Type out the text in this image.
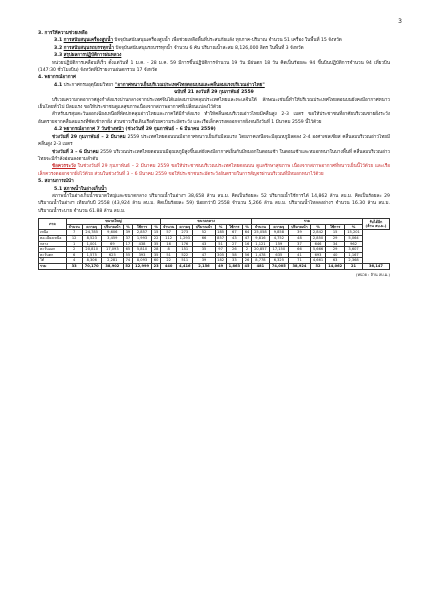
3

3. การให้ความช่วยเหลือ

3.1 การสนับสนุนเครื่องสูบน้ำ ปัจจุบันสนับสนุนเครื่องสูบน้ำ เพื่อช่วยเหลือพื้นที่ประสบภัยแล้ง ทุกภาค-ปริมาณ จำนวน 51 เครื่อง ในพื้นที่ 15 จังหวัด

3.2 การสนับสนุนรถบรรทุกน้ำ ปัจจุบันสนับสนุนรถบรรทุกน้ำ จำนวน 6 คัน ปริมาณน้ำสะสม 8,126,000 ลิตร ในพื้นที่ 3 จังหวัด

3.3 สรุปผลการปฏิบัติการฝนหลวง

หน่วยปฏิบัติการเคลื่อนที่เร็ว ตั้งแต่วันที่ 1 ม.ค. - 28 ม.ค. 59 มีการขึ้นปฏิบัติการจำนวน 19 วัน มีฝนตก 18 วัน คิดเป็นร้อยละ 94 ขึ้นบินปฏิบัติการจำนวน 94 เที่ยวบิน (147:30 ชั่วโมงบิน) จังหวัดที่มีรายงานฝนตกรวม 17 จังหวัด

4. พยากรณ์อากาศ

4.1 ประกาศกรมอุตุนิยมวิทยา "อากาศหนาวเย็นบริเวณประเทศไทยตอนบนและคลื่นลมแรงบริเวณอ่าวไทย"

ฉบับที่ 21 ลงวันที่ 29 กุมภาพันธ์ 2559

บริเวณความกดอากาศสูงกำลังแรงปานกลางจากประเทศจีนได้แผ่ลงมาปกคลุมประเทศไทยและทะเลจีนใต้ ลักษณะเช่นนี้ทำให้บริเวณประเทศไทยตอนบนยังคงมีอากาศหนาวเย็นโดยทั่วไป มีลมแรง ขอให้ประชาชนดูแลสุขภาพเนื่องจากสภาพอากาศที่เปลี่ยนแปลงไว้ด้วย

สำหรับมรสุมตะวันออกเฉียงเหนือที่พัดปกคลุมอ่าวไทยและภาคใต้มีกำลังแรง ทำให้คลื่นลมบริเวณอ่าวไทยมีคลื่นสูง 2-3 เมตร ขอให้ประชาชนที่อาศัยบริเวณชายฝั่งระวังอันตรายจากคลื่นลมแรงที่ซัดเข้าหาฝั่ง ส่วนชาวเรือเดินเรือด้วยความระมัดระวัง และเรือเล็กควรงดออกจากฝั่งจนถึงวันที่ 1 มีนาคม 2559 นี้ไว้ด้วย

4.2 พยากรณ์อากาศ 7 วันข้างหน้า (ช่วงวันที่ 29 กุมภาพันธ์ – 6 มีนาคม 2559)

ช่วงวันที่ 29 กุมภาพันธ์ – 2 มีนาคม 2559 ประเทศไทยตอนบนมีอากาศหนาวเย็นกับมีลมแรง โดยภาคเหนือจะมีอุณหภูมิลดลง 2-4 องศาเซลเซียส คลื่นลมบริเวณอ่าวไทยมีคลื่นสูง 2-3 เมตร

ช่วงวันที่ 3 – 6 มีนาคม 2559 บริเวณประเทศไทยตอนบนมีอุณหภูมิสูงขึ้นแต่ยังคงมีอากาศเย็นกับมีหมอกในตอนเช้า ในตอนเช้าและหมอกหนาในบางพื้นที่ คลื่นลมบริเวณอ่าวไทยจะมีกำลังอ่อนลงตามลำดับ

ข้อควรระวัง ในช่วงวันที่ 29 กุมภาพันธ์ – 2 มีนาคม 2559 ขอให้ประชาชนบริเวณประเทศไทยตอนบน ดูแลรักษาสุขภาพ เนื่องจากสภาพอากาศที่หนาวเย็นนี้ไว้ด้วย และเรือเล็กควรงดออกจากฝั่งไว้ด้วย ส่วนในช่วงวันที่ 3 – 6 มีนาคม 2559 ขอให้ประชาชนระมัดระวังอันตรายในการสัญจรผ่านบริเวณที่มีหมอกหนาไว้ด้วย

5. สถานการณ์น้ำ

5.1 สภาพน้ำในอ่างเก็บน้ำ

สภาพน้ำในอ่างเก็บน้ำขนาดใหญ่และขนาดกลาง ปริมาณน้ำในอ่างฯ 38,658 ล้าน ลบ.ม. คิดเป็นร้อยละ 52 ปริมาณน้ำใช้การได้ 14,862 ล้าน ลบ.ม. คิดเป็นร้อยละ 29 ปริมาณน้ำในอ่างฯ เทียบกับปี 2558 (43,924 ล้าน ลบ.ม. คิดเป็นร้อยละ 59) น้อยกว่าปี 2558 จำนวน 5,266 ล้าน ลบ.ม. ปริมาณน้ำไหลลงอ่างฯ จำนวน 16.30 ล้าน ลบ.ม. ปริมาณน้ำระบาย จำนวน 61.88 ล้าน ลบ.ม.

ภาค	ขนาดใหญ่						ขนาดกลาง						รวม						รับได้อีก
(ล้าน ลบ.ม.)
	จำนวน	ความจุ	ปริมาณน้ำ	%	ใช้การ	%	จำนวน	ความจุ	ปริมาณน้ำ	%	ใช้การ	%	จำนวน	ความจุ	ปริมาณน้ำ	%	ใช้การ	%	
เหนือ	7	24,785	9,606	39	2,857	15	57	273	52	185	67	64	25,058	9,858	39	2,842	15	15,201	
ตอ.เฉียงเหนือ	12	8,523	3,459	37	1,993	22	112	1,293	66	857	43	47	9,816	4,752	48	2,850	29	5,064	
กลาง	1	1,001	69	17	438	35	16	176	43	51	27	16	1,121	159	37	646	34	962	
ตะวันออก	2	20,810	17,093	65	5,810	28	8	151	35	97	26	2	20,857	17,150	66	5,666	29	3,607	
ตะวันตก	6	1,575	625	55	393	35	51	522	47	305	58	56	1,478	635	41	693	40	1,167	
ใต้	4	8,306	2,281	74	8,093	60	22	511	39	182	33	26	8,778	6,325	71	4,661	63	2,368	
รวม	33	70,170	38,902	52	12,999	23	440	4,416	2,156	49	1,863	45	481	74,005	38,924	52	14,062	21	36,147
(หน่วย : ล้าน ลบ.ม.)
